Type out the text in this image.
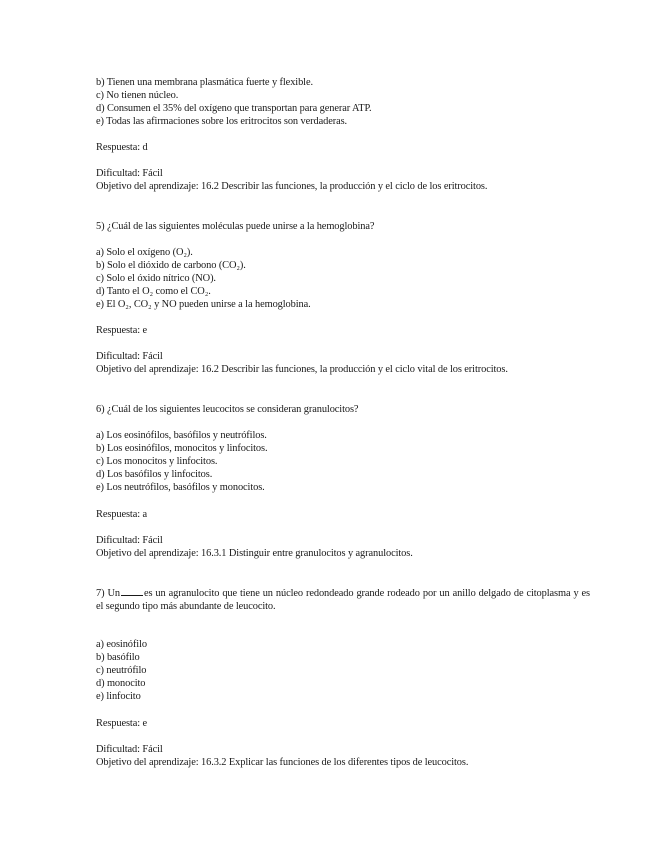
b) Tienen una membrana plasmática fuerte y flexible.
c) No tienen núcleo.
d) Consumen el 35% del oxígeno que transportan para generar ATP.
e) Todas las afirmaciones sobre los eritrocitos son verdaderas.
Respuesta: d
Dificultad: Fácil
Objetivo del aprendizaje: 16.2 Describir las funciones, la producción y el ciclo de los eritrocitos.
5) ¿Cuál de las siguientes moléculas puede unirse a la hemoglobina?
a) Solo el oxígeno (O₂).
b) Solo el dióxido de carbono (CO₂).
c) Solo el óxido nítrico (NO).
d) Tanto el O₂ como el CO₂.
e) El O₂, CO₂ y NO pueden unirse a la hemoglobina.
Respuesta: e
Dificultad: Fácil
Objetivo del aprendizaje: 16.2 Describir las funciones, la producción y el ciclo vital de los eritrocitos.
6) ¿Cuál de los siguientes leucocitos se consideran granulocitos?
a) Los eosinófilos, basófilos y neutrófilos.
b) Los eosinófilos, monocitos y linfocitos.
c) Los monocitos y linfocitos.
d) Los basófilos y linfocitos.
e) Los neutrófilos, basófilos y monocitos.
Respuesta: a
Dificultad: Fácil
Objetivo del aprendizaje: 16.3.1 Distinguir entre granulocitos y agranulocitos.
7) Un es un agranulocito que tiene un núcleo redondeado grande rodeado por un anillo delgado de citoplasma y es el segundo tipo más abundante de leucocito.
a) eosinófilo
b) basófilo
c) neutrófilo
d) monocito
e) linfocito
Respuesta: e
Dificultad: Fácil
Objetivo del aprendizaje: 16.3.2 Explicar las funciones de los diferentes tipos de leucocitos.
